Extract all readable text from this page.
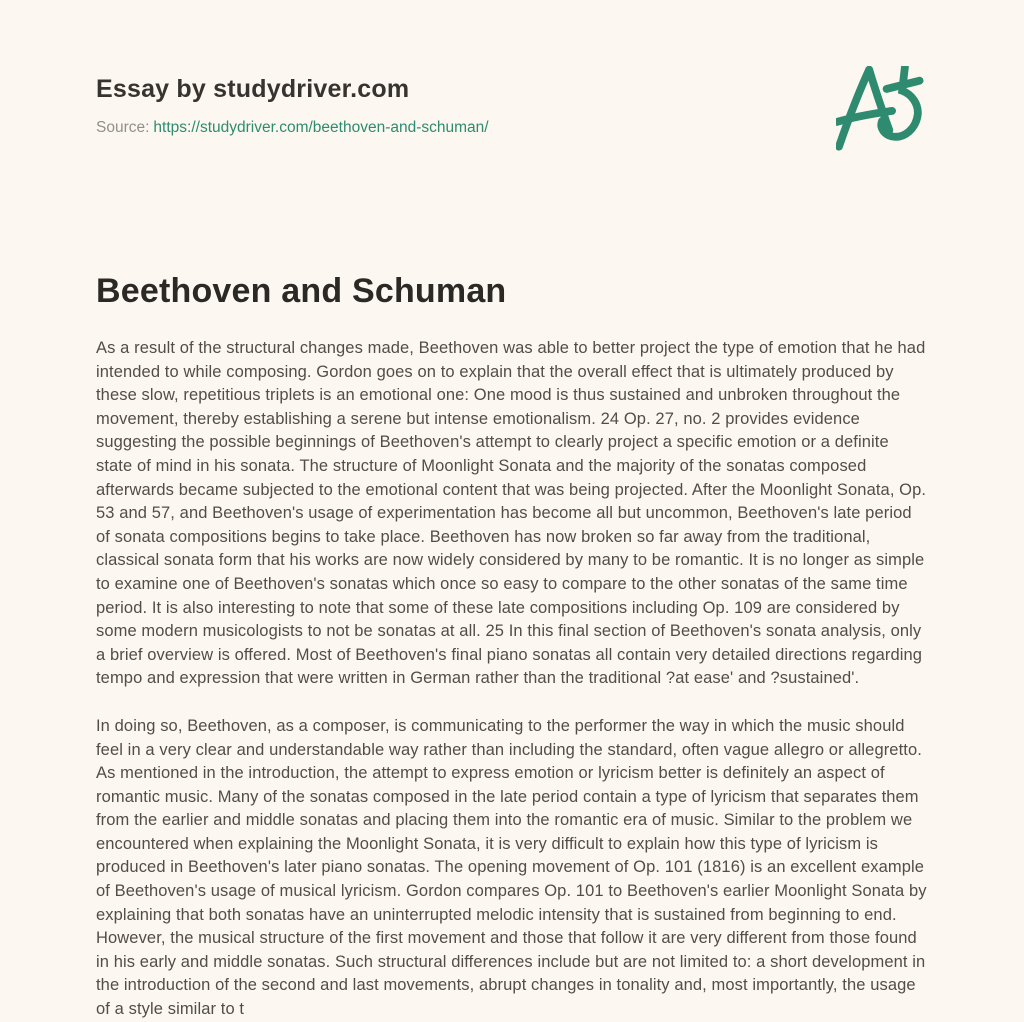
Essay by studydriver.com
Source: https://studydriver.com/beethoven-and-schuman/
Beethoven and Schuman

As a result of the structural changes made, Beethoven was able to better project the type of emotion that he had intended to while composing. Gordon goes on to explain that the overall effect that is ultimately produced by these slow, repetitious triplets is an emotional one: One mood is thus sustained and unbroken throughout the movement, thereby establishing a serene but intense emotionalism. 24 Op. 27, no. 2 provides evidence suggesting the possible beginnings of Beethoven's attempt to clearly project a specific emotion or a definite state of mind in his sonata. The structure of Moonlight Sonata and the majority of the sonatas composed afterwards became subjected to the emotional content that was being projected. After the Moonlight Sonata, Op. 53 and 57, and Beethoven's usage of experimentation has become all but uncommon, Beethoven's late period of sonata compositions begins to take place. Beethoven has now broken so far away from the traditional, classical sonata form that his works are now widely considered by many to be romantic. It is no longer as simple to examine one of Beethoven's sonatas which once so easy to compare to the other sonatas of the same time period. It is also interesting to note that some of these late compositions including Op. 109 are considered by some modern musicologists to not be sonatas at all. 25 In this final section of Beethoven's sonata analysis, only a brief overview is offered. Most of Beethoven's final piano sonatas all contain very detailed directions regarding tempo and expression that were written in German rather than the traditional ?at ease' and ?sustained'.

In doing so, Beethoven, as a composer, is communicating to the performer the way in which the music should feel in a very clear and understandable way rather than including the standard, often vague allegro or allegretto. As mentioned in the introduction, the attempt to express emotion or lyricism better is definitely an aspect of romantic music. Many of the sonatas composed in the late period contain a type of lyricism that separates them from the earlier and middle sonatas and placing them into the romantic era of music. Similar to the problem we encountered when explaining the Moonlight Sonata, it is very difficult to explain how this type of lyricism is produced in Beethoven's later piano sonatas. The opening movement of Op. 101 (1816) is an excellent example of Beethoven's usage of musical lyricism. Gordon compares Op. 101 to Beethoven's earlier Moonlight Sonata by explaining that both sonatas have an uninterrupted melodic intensity that is sustained from beginning to end. However, the musical structure of the first movement and those that follow it are very different from those found in his early and middle sonatas. Such structural differences include but are not limited to: a short development in the introduction of the second and last movements, abrupt changes in tonality and, most importantly, the usage of a style similar to t
